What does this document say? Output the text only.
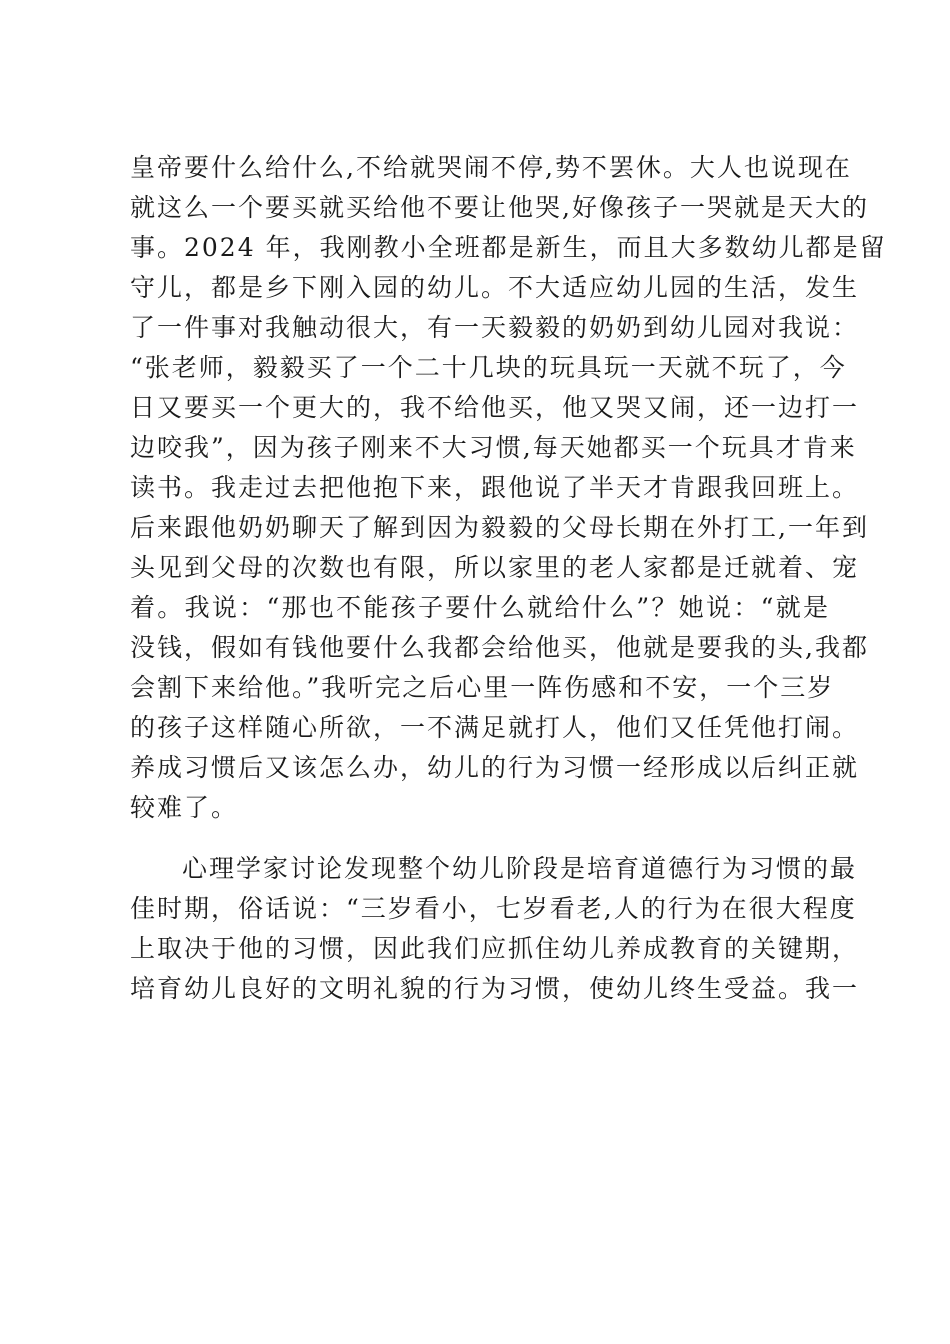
皇帝要什么给什么,不给就哭闹不停,势不罢休。大人也说现在
就这么一个要买就买给他不要让他哭,好像孩子一哭就是天大的
事。2024 年，我刚教小全班都是新生，而且大多数幼儿都是留
守儿，都是乡下刚入园的幼儿。不大适应幼儿园的生活，发生
了一件事对我触动很大，有一天毅毅的奶奶到幼儿园对我说：
“张老师，毅毅买了一个二十几块的玩具玩一天就不玩了，今
日又要买一个更大的，我不给他买，他又哭又闹，还一边打一
边咬我”，因为孩子刚来不大习惯,每天她都买一个玩具才肯来
读书。我走过去把他抱下来，跟他说了半天才肯跟我回班上。
后来跟他奶奶聊天了解到因为毅毅的父母长期在外打工,一年到
头见到父母的次数也有限，所以家里的老人家都是迁就着、宠
着。我说：“那也不能孩子要什么就给什么”？她说：“就是
没钱，假如有钱他要什么我都会给他买，他就是要我的头,我都
会割下来给他。”我听完之后心里一阵伤感和不安，一个三岁
的孩子这样随心所欲，一不满足就打人，他们又任凭他打闹。
养成习惯后又该怎么办，幼儿的行为习惯一经形成以后纠正就
较难了。
心理学家讨论发现整个幼儿阶段是培育道德行为习惯的最
佳时期，俗话说：“三岁看小，七岁看老,人的行为在很大程度
上取决于他的习惯，因此我们应抓住幼儿养成教育的关键期，
培育幼儿良好的文明礼貌的行为习惯，使幼儿终生受益。我一
